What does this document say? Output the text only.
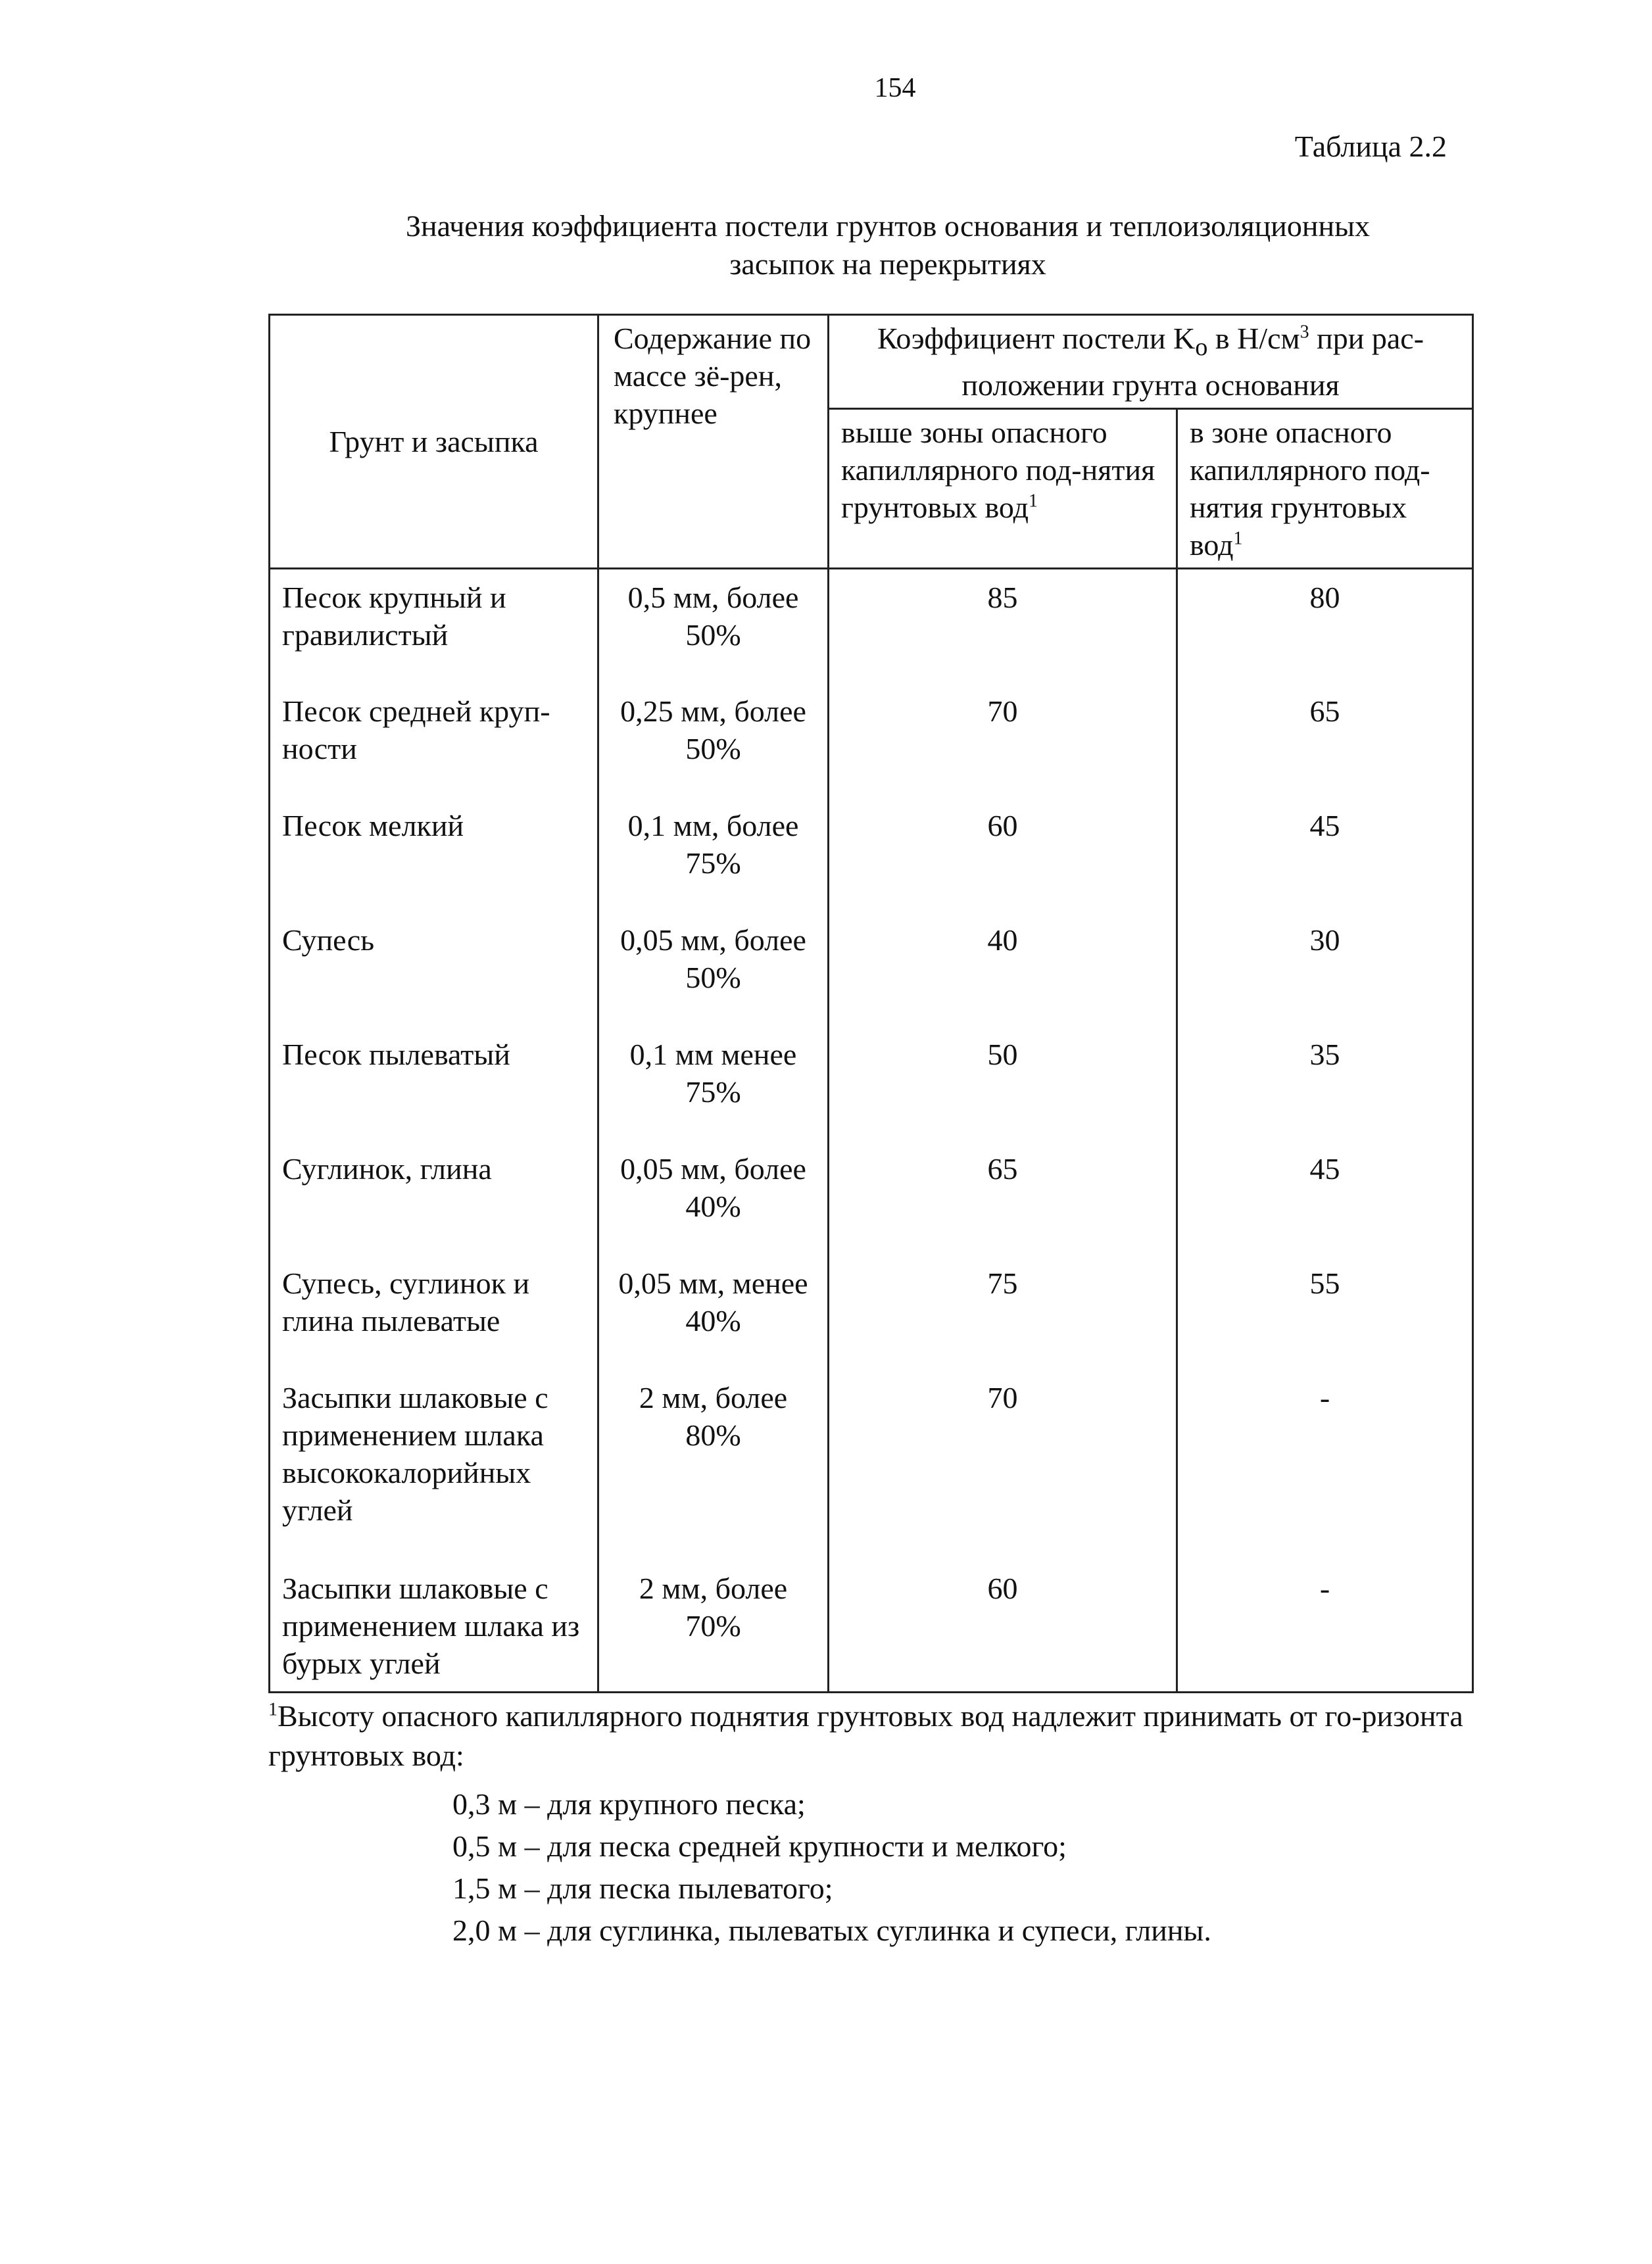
154
Таблица 2.2
Значения коэффициента постели грунтов основания и теплоизоляционных
засыпок на перекрытиях
Грунт и засыпка	Содержание по массе зё-рен, крупнее	Коэффициент постели $K_о$ в $Н/см^3$ при рас-положении грунта основания	
		выше зоны опасного капиллярного под-нятия грунтовых вод$^1$	в зоне опасного капиллярного под-нятия грунтовых вод$^1$
Песок крупный и гравилистый	0,5 мм, более 50%	85	80
Песок средней круп-ности	0,25 мм, более 50%	70	65
Песок мелкий	0,1 мм, более 75%	60	45
Супесь	0,05 мм, более 50%	40	30
Песок пылеватый	0,1 мм менее 75%	50	35
Суглинок, глина	0,05 мм, более 40%	65	45
Супесь, суглинок и глина пылеватые	0,05 мм, менее 40%	75	55
Засыпки шлаковые с применением шлака высококалорийных углей	2 мм, более 80%	70	-
Засыпки шлаковые с применением шлака из бурых углей	2 мм, более 70%	60	-

$^1$Высоту опасного капиллярного поднятия грунтовых вод надлежит принимать от го-ризонта грунтовых вод:

0,3 м – для крупного песка;
0,5 м – для песка средней крупности и мелкого;
1,5 м – для песка пылеватого;
2,0 м – для суглинка, пылеватых суглинка и супеси, глины.
